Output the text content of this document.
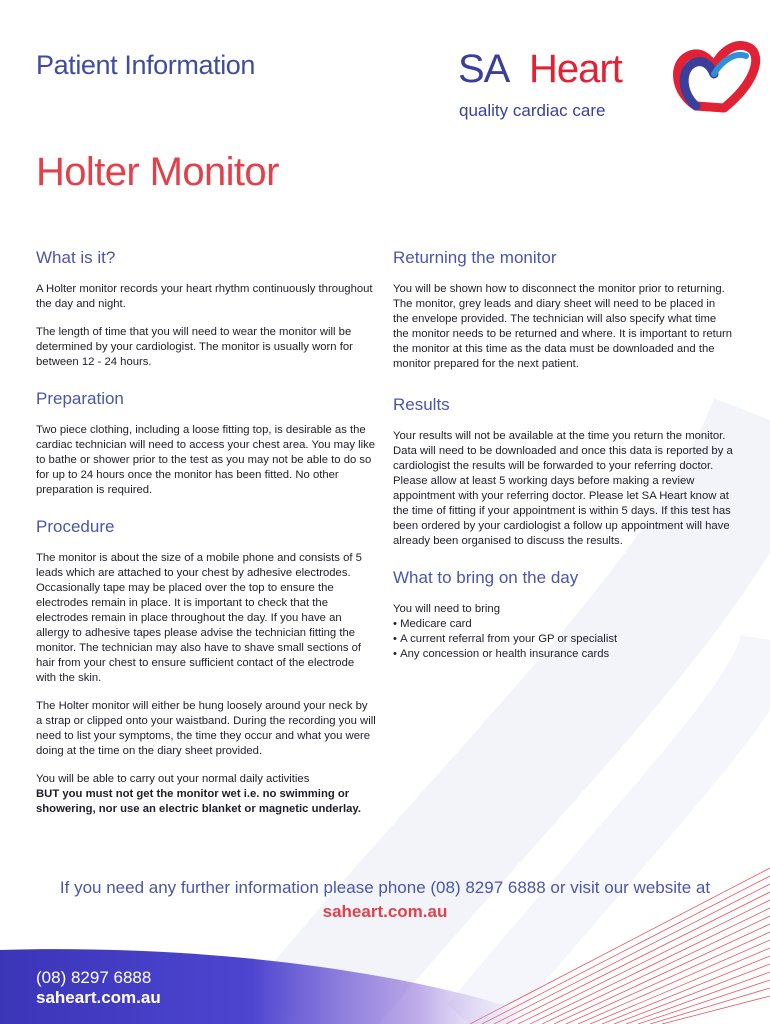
Patient Information	SA Heart
quality cardiac care
Holter Monitor
What is it?

A Holter monitor records your heart rhythm continuously throughout the day and night.

The length of time that you will need to wear the monitor will be determined by your cardiologist. The monitor is usually worn for between 12 - 24 hours.

Preparation

Two piece clothing, including a loose fitting top, is desirable as the cardiac technician will need to access your chest area. You may like to bathe or shower prior to the test as you may not be able to do so for up to 24 hours once the monitor has been fitted. No other preparation is required.

Procedure

The monitor is about the size of a mobile phone and consists of 5 leads which are attached to your chest by adhesive electrodes. Occasionally tape may be placed over the top to ensure the electrodes remain in place. It is important to check that the electrodes remain in place throughout the day. If you have an allergy to adhesive tapes please advise the technician fitting the monitor. The technician may also have to shave small sections of hair from your chest to ensure sufficient contact of the electrode with the skin.

The Holter monitor will either be hung loosely around your neck by a strap or clipped onto your waistband. During the recording you will need to list your symptoms, the time they occur and what you were doing at the time on the diary sheet provided.

You will be able to carry out your normal daily activities
BUT you must not get the monitor wet i.e. no swimming or showering, nor use an electric blanket or magnetic underlay.

Returning the monitor

You will be shown how to disconnect the monitor prior to returning. The monitor, grey leads and diary sheet will need to be placed in the envelope provided. The technician will also specify what time the monitor needs to be returned and where. It is important to return the monitor at this time as the data must be downloaded and the monitor prepared for the next patient.

Results

Your results will not be available at the time you return the monitor. Data will need to be downloaded and once this data is reported by a cardiologist the results will be forwarded to your referring doctor. Please allow at least 5 working days before making a review appointment with your referring doctor. Please let SA Heart know at the time of fitting if your appointment is within 5 days. If this test has been ordered by your cardiologist a follow up appointment will have already been organised to discuss the results.

What to bring on the day
You will need to bring
• Medicare card
• A current referral from your GP or specialist
• Any concession or health insurance cards
If you need any further information please phone (08) 8297 6888 or visit our website at
saheart.com.au
(08) 8297 6888
saheart.com.au
